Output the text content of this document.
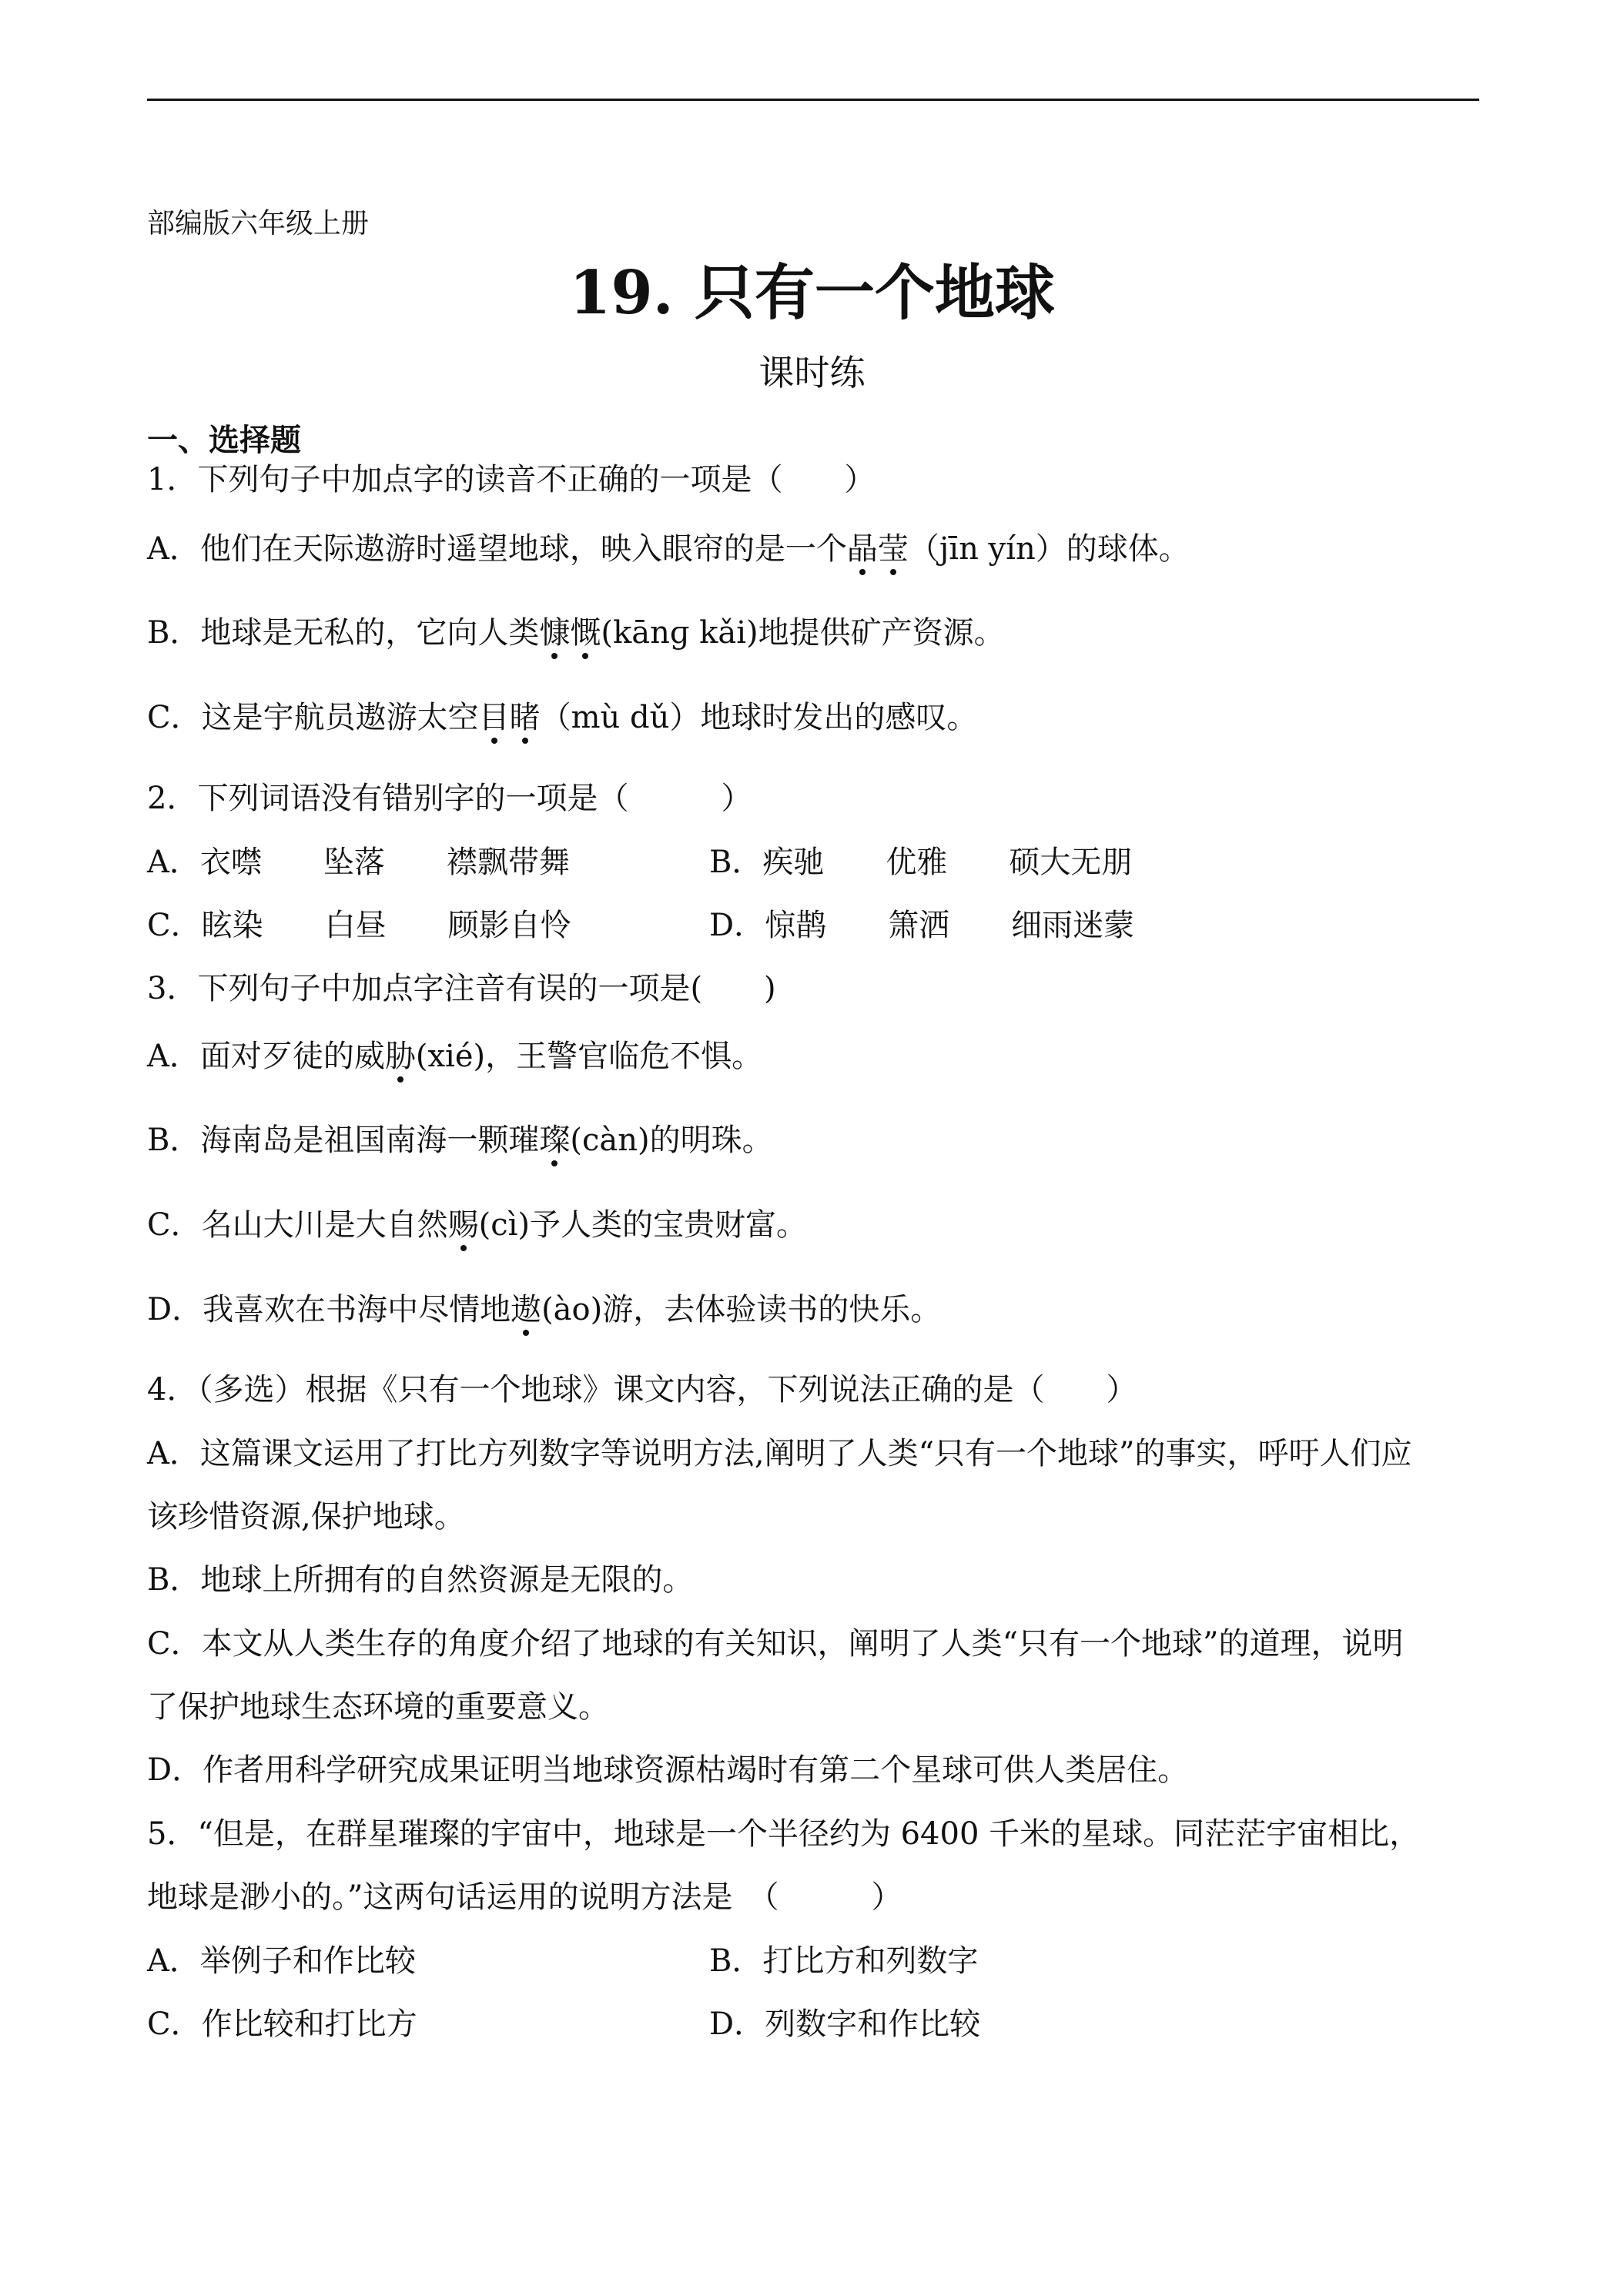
部编版六年级上册
19. 只有一个地球
课时练
一、选择题
1．下列句子中加点字的读音不正确的一项是（　　）
A．他们在天际遨游时遥望地球，映入眼帘的是一个晶莹（jīn yín）的球体。
B．地球是无私的，它向人类慷慨(kānɡ kǎi)地提供矿产资源。
C．这是宇航员遨游太空目睹（mù dǔ）地球时发出的感叹。
2．下列词语没有错别字的一项是（　　　）
A．衣噤　　坠落　　襟飘带舞	B．疾驰　　优雅　　硕大无朋
C．眩染　　白昼　　顾影自怜	D．惊鹊　　箫洒　　细雨迷蒙
3．下列句子中加点字注音有误的一项是(　　)
A．面对歹徒的威胁(xié)，王警官临危不惧。
B．海南岛是祖国南海一颗璀璨(càn)的明珠。
C．名山大川是大自然赐(cì)予人类的宝贵财富。
D．我喜欢在书海中尽情地遨(ào)游，去体验读书的快乐。
4．（多选）根据《只有一个地球》课文内容，下列说法正确的是（　　）
A．这篇课文运用了打比方列数字等说明方法,阐明了人类“只有一个地球”的事实，呼吁人们应
该珍惜资源,保护地球。
B．地球上所拥有的自然资源是无限的。
C．本文从人类生存的角度介绍了地球的有关知识，阐明了人类“只有一个地球”的道理，说明
了保护地球生态环境的重要意义。
D．作者用科学研究成果证明当地球资源枯竭时有第二个星球可供人类居住。
5．“但是，在群星璀璨的宇宙中，地球是一个半径约为 6400 千米的星球。同茫茫宇宙相比，
地球是渺小的。”这两句话运用的说明方法是　（　　　）
A．举例子和作比较	B．打比方和列数字
C．作比较和打比方	D．列数字和作比较
